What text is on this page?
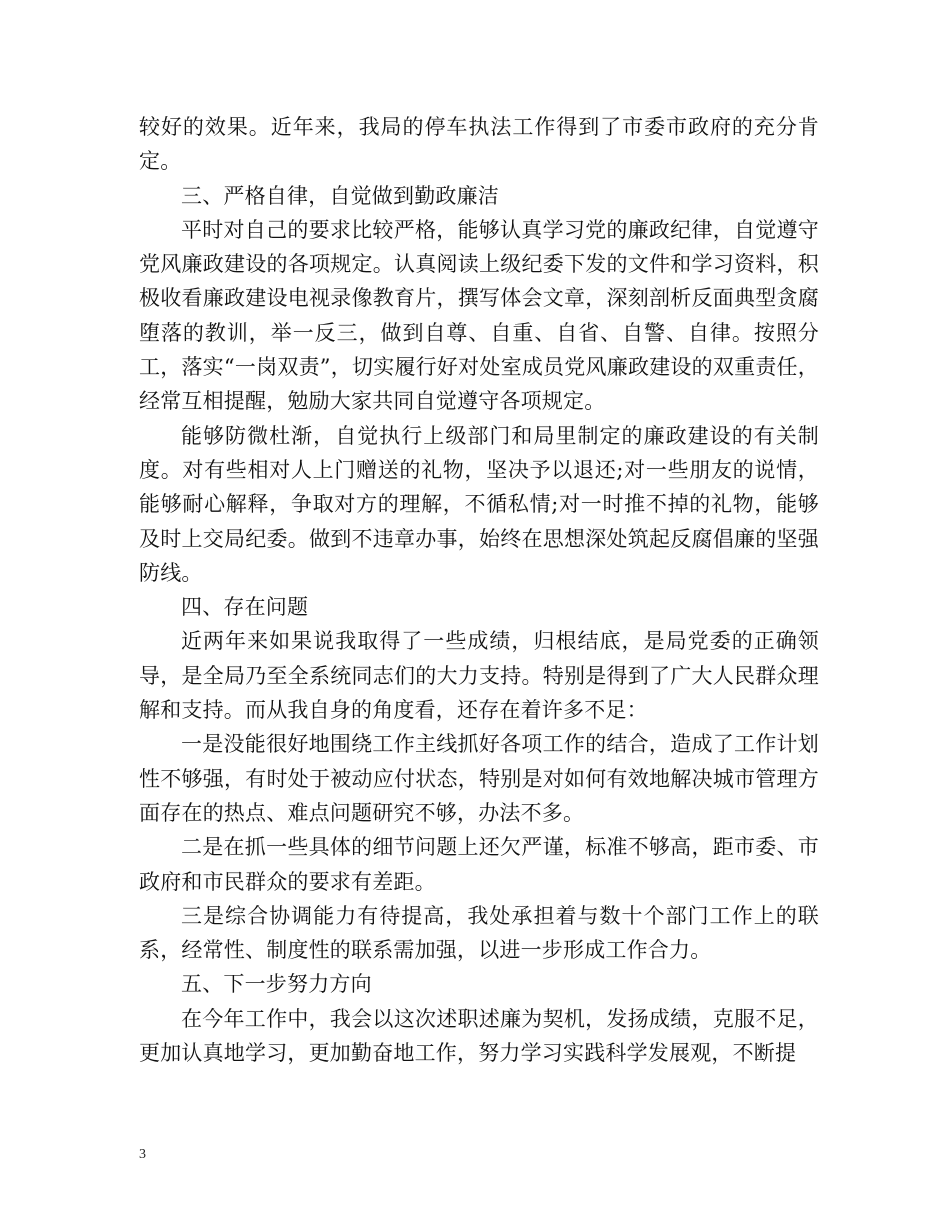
较好的效果。近年来，我局的停车执法工作得到了市委市政府的充分肯定。

三、严格自律，自觉做到勤政廉洁

平时对自己的要求比较严格，能够认真学习党的廉政纪律，自觉遵守党风廉政建设的各项规定。认真阅读上级纪委下发的文件和学习资料，积极收看廉政建设电视录像教育片，撰写体会文章，深刻剖析反面典型贪腐堕落的教训，举一反三，做到自尊、自重、自省、自警、自律。按照分工，落实“一岗双责”，切实履行好对处室成员党风廉政建设的双重责任，经常互相提醒，勉励大家共同自觉遵守各项规定。

能够防微杜渐，自觉执行上级部门和局里制定的廉政建设的有关制度。对有些相对人上门赠送的礼物，坚决予以退还;对一些朋友的说情，能够耐心解释，争取对方的理解，不循私情;对一时推不掉的礼物，能够及时上交局纪委。做到不违章办事，始终在思想深处筑起反腐倡廉的坚强防线。

四、存在问题

近两年来如果说我取得了一些成绩，归根结底，是局党委的正确领导，是全局乃至全系统同志们的大力支持。特别是得到了广大人民群众理解和支持。而从我自身的角度看，还存在着许多不足：

一是没能很好地围绕工作主线抓好各项工作的结合，造成了工作计划性不够强，有时处于被动应付状态，特别是对如何有效地解决城市管理方面存在的热点、难点问题研究不够，办法不多。

二是在抓一些具体的细节问题上还欠严谨，标准不够高，距市委、市政府和市民群众的要求有差距。

三是综合协调能力有待提高，我处承担着与数十个部门工作上的联系，经常性、制度性的联系需加强，以进一步形成工作合力。

五、下一步努力方向

在今年工作中，我会以这次述职述廉为契机，发扬成绩，克服不足，更加认真地学习，更加勤奋地工作，努力学习实践科学发展观，不断提

3
